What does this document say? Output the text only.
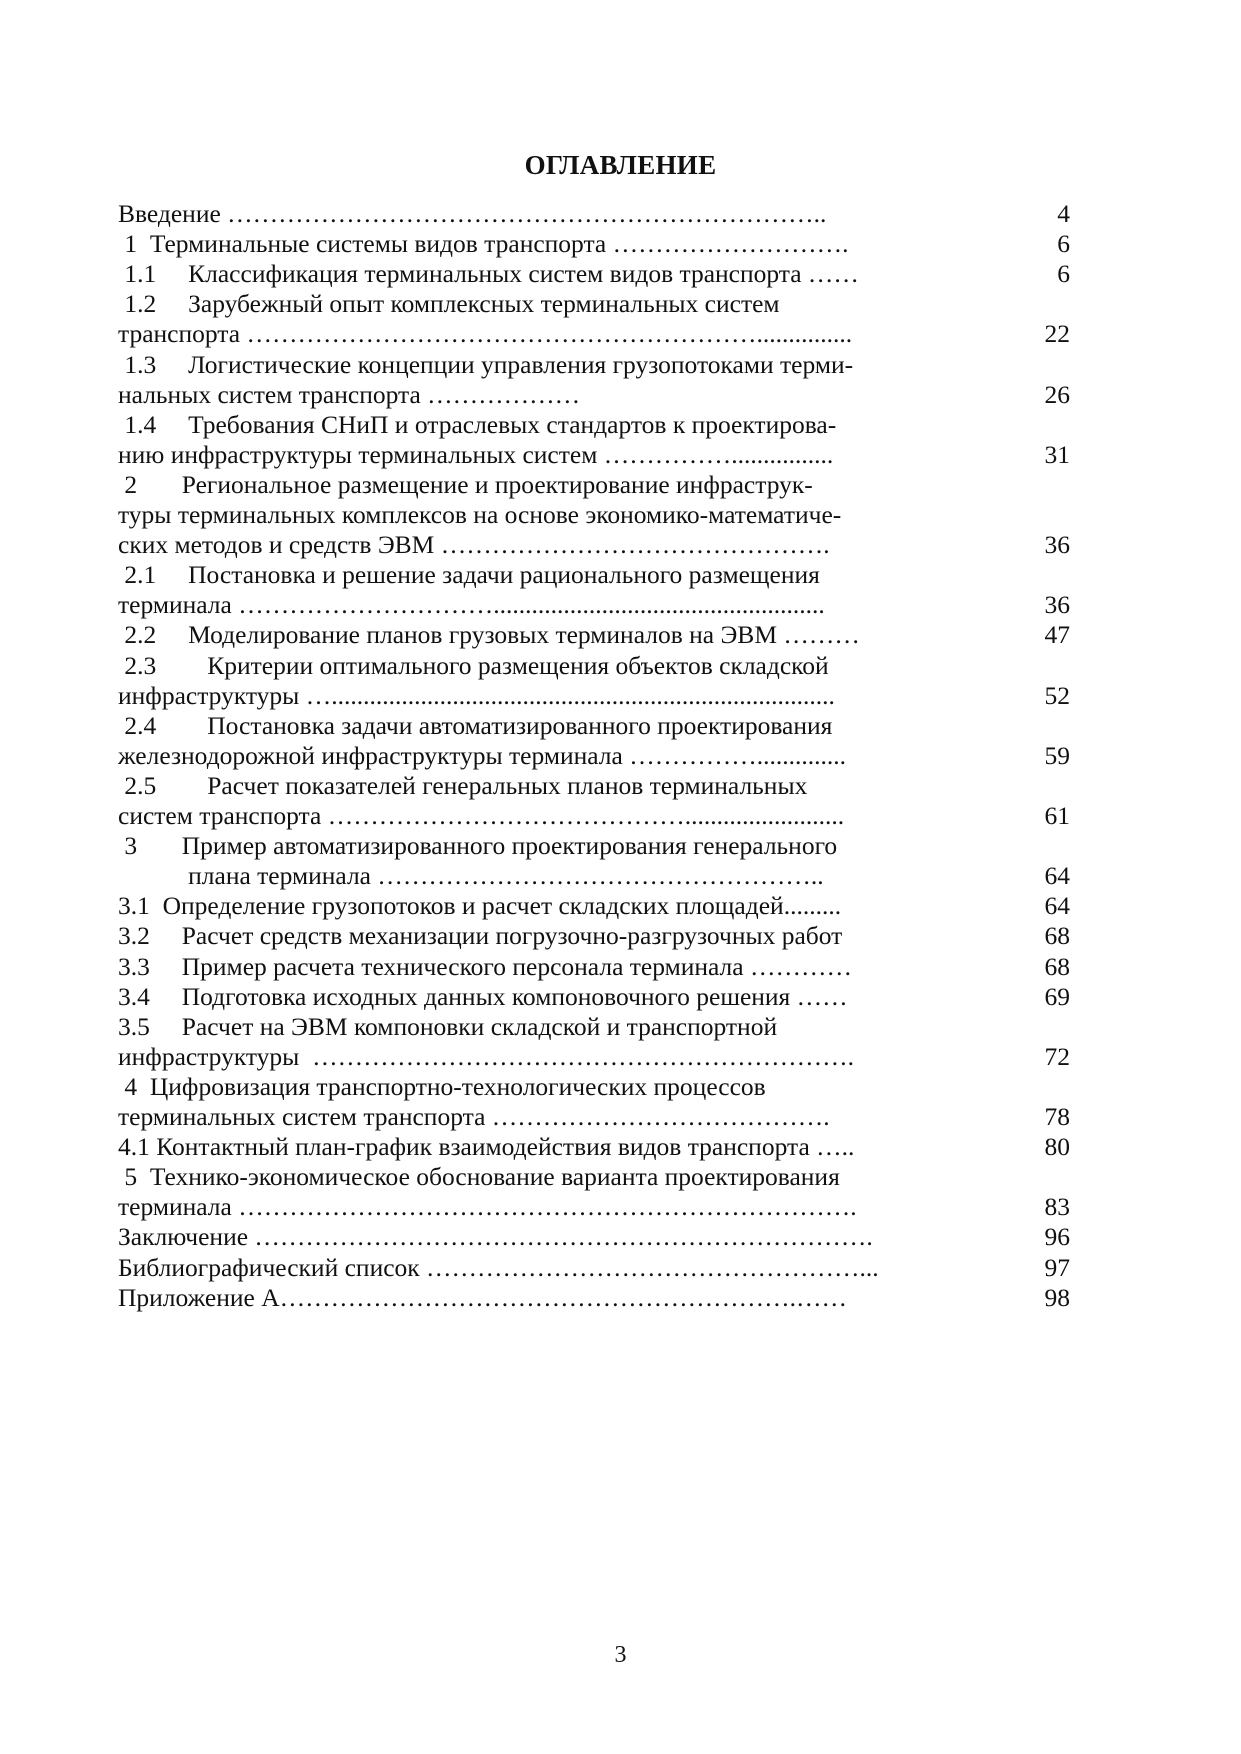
ОГЛАВЛЕНИЕ
Введение ……………………………………………………………..	4
1  Терминальные системы видов транспорта ……………………….	6
1.1     Классификация терминальных систем видов транспорта ……	6
1.2     Зарубежный опыт комплексных терминальных систем
транспорта ……………………………………………………...............	22
1.3     Логистические концепции управления грузопотоками терми-
нальных систем транспорта ………………	26
1.4     Требования СНиП и отраслевых стандартов к проектирова-
нию инфраструктуры терминальных систем ……………................	31
2       Региональное размещение и проектирование инфраструк-
туры терминальных комплексов на основе экономико-математиче-
ских методов и средств ЭВМ ……………………………………….	36
2.1     Постановка и решение задачи рационального размещения
терминала …………………………....................................................	36
2.2     Моделирование планов грузовых терминалов на ЭВМ ………	47
2.3        Критерии оптимального размещения объектов складской
инфраструктуры …...............................................................................	52
2.4        Постановка задачи автоматизированного проектирования
железнодорожной инфраструктуры терминала ……………..............	59
2.5        Расчет показателей генеральных планов терминальных
систем транспорта …………………………………….........................	61
3       Пример автоматизированного проектирования генерального
плана терминала ……………………………………………..	64
3.1  Определение грузопотоков и расчет складских площадей.........	64
3.2     Расчет средств механизации погрузочно-разгрузочных работ	68
3.3     Пример расчета технического персонала терминала …………	68
3.4     Подготовка исходных данных компоновочного решения ……	69
3.5     Расчет на ЭВМ компоновки складской и транспортной
инфраструктуры  ……………………………………………………….	72
4  Цифровизация транспортно-технологических процессов
терминальных систем транспорта ………………………………….	78
4.1 Контактный план-график взаимодействия видов транспорта …..	80
5  Технико-экономическое обоснование варианта проектирования
терминала ……………………………………………………………….	83
Заключение ……………………………………………………………….	96
Библиографический список ……………………………………………...	97
Приложение А…………………………………………………….……	98
3
